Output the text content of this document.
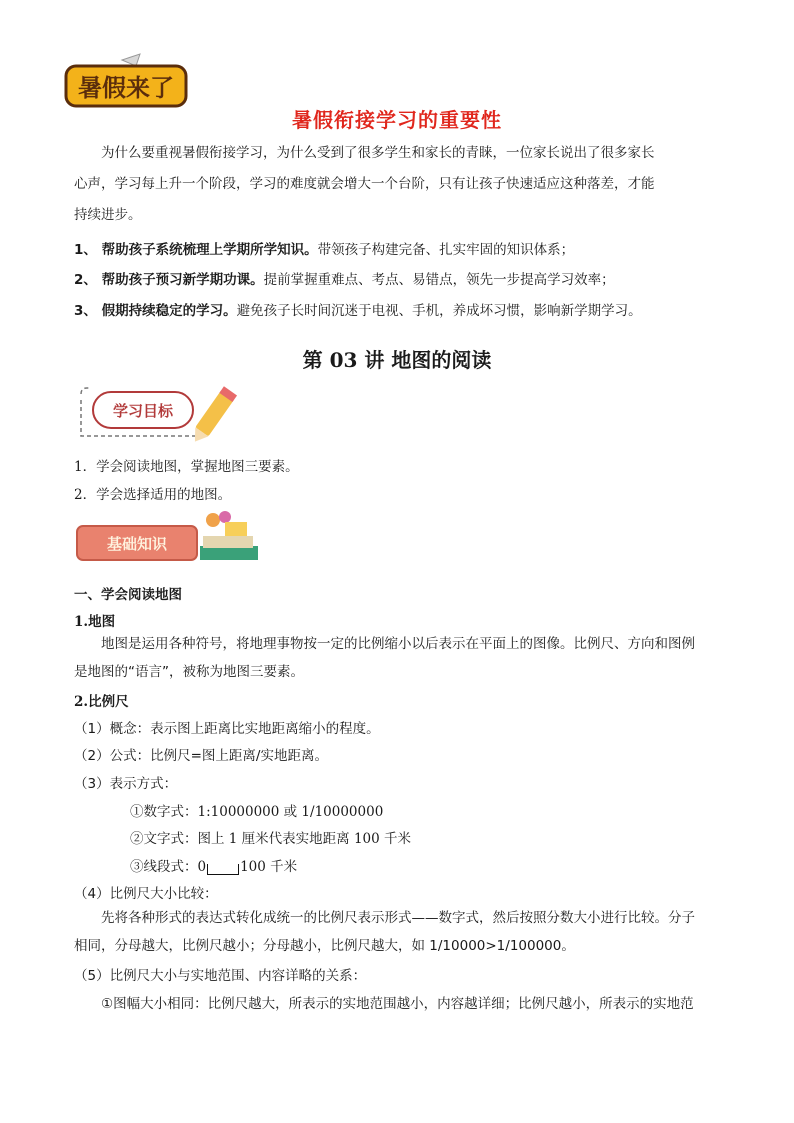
暑假来了
暑假衔接学习的重要性
为什么要重视暑假衔接学习，为什么受到了很多学生和家长的青睐，一位家长说出了很多家长
心声，学习每上升一个阶段，学习的难度就会增大一个台阶，只有让孩子快速适应这种落差，才能
持续进步。
1、 帮助孩子系统梳理上学期所学知识。带领孩子构建完备、扎实牢固的知识体系；
2、 帮助孩子预习新学期功课。提前掌握重难点、考点、易错点，领先一步提高学习效率；
3、 假期持续稳定的学习。避免孩子长时间沉迷于电视、手机，养成坏习惯，影响新学期学习。
第 03 讲 地图的阅读
学习目标
1．学会阅读地图，掌握地图三要素。
2．学会选择适用的地图。
基础知识
一、学会阅读地图
1.地图
地图是运用各种符号，将地理事物按一定的比例缩小以后表示在平面上的图像。比例尺、方向和图例
是地图的“语言”，被称为地图三要素。
2.比例尺
（1）概念：表示图上距离比实地距离缩小的程度。
（2）公式：比例尺=图上距离/实地距离。
（3）表示方式：
①数字式：1:10000000 或 1/10000000
②文字式：图上 1 厘米代表实地距离 100 千米
③线段式：0	100 千米
（4）比例尺大小比较：
先将各种形式的表达式转化成统一的比例尺表示形式——数字式，然后按照分数大小进行比较。分子
相同，分母越大，比例尺越小；分母越小，比例尺越大，如 1/10000>1/100000。
（5）比例尺大小与实地范围、内容详略的关系：
①图幅大小相同：比例尺越大，所表示的实地范围越小，内容越详细；比例尺越小，所表示的实地范
